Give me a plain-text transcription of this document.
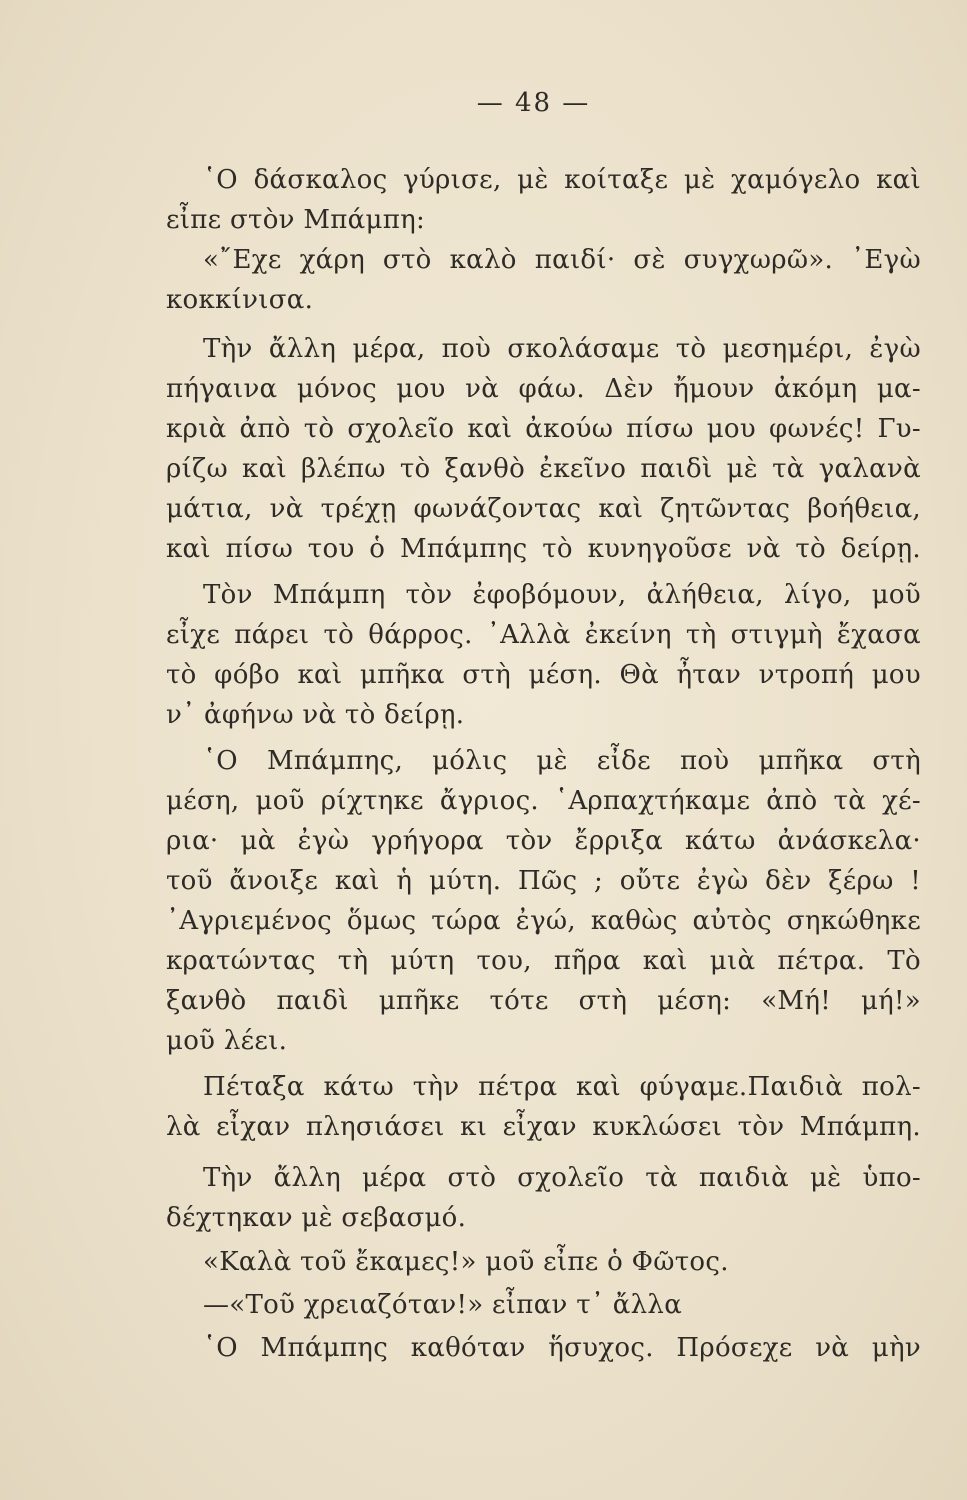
— 48 —
῾Ο δάσκαλος γύρισε, μὲ κοίταξε μὲ χαμόγελο καὶ
εἶπε στὸν Μπάμπη:
«῎Εχε χάρη στὸ καλὸ παιδί· σὲ συγχωρῶ». ᾿Εγὼ
κοκκίνισα.
Τὴν ἄλλη μέρα, ποὺ σκολάσαμε τὸ μεσημέρι, ἐγὼ
πήγαινα μόνος μου νὰ φάω. Δὲν ἤμουν ἀκόμη μα-
κριὰ ἀπὸ τὸ σχολεῖο καὶ ἀκούω πίσω μου φωνές! Γυ-
ρίζω καὶ βλέπω τὸ ξανθὸ ἐκεῖνο παιδὶ μὲ τὰ γαλανὰ
μάτια, νὰ τρέχῃ φωνάζοντας καὶ ζητῶντας βοήθεια,
καὶ πίσω του ὁ Μπάμπης τὸ κυνηγοῦσε νὰ τὸ δείρῃ.
Τὸν Μπάμπη τὸν ἐφοβόμουν, ἀλήθεια, λίγο, μοῦ
εἶχε πάρει τὸ θάρρος. ᾿Αλλὰ ἐκείνη τὴ στιγμὴ ἔχασα
τὸ φόβο καὶ μπῆκα στὴ μέση. Θὰ ἦταν ντροπή μου
ν᾿ ἀφήνω νὰ τὸ δείρῃ.
῾Ο Μπάμπης, μόλις μὲ εἶδε ποὺ μπῆκα στὴ
μέση, μοῦ ρίχτηκε ἄγριος. ῾Αρπαχτήκαμε ἀπὸ τὰ χέ-
ρια· μὰ ἐγὼ γρήγορα τὸν ἔρριξα κάτω ἀνάσκελα·
τοῦ ἄνοιξε καὶ ἡ μύτη. Πῶς ; οὔτε ἐγὼ δὲν ξέρω !
᾿Αγριεμένος ὅμως τώρα ἐγώ, καθὼς αὐτὸς σηκώθηκε
κρατώντας τὴ μύτη του, πῆρα καὶ μιὰ πέτρα. Τὸ
ξανθὸ παιδὶ μπῆκε τότε στὴ μέση: «Μή! μή!»
μοῦ λέει.
Πέταξα κάτω τὴν πέτρα καὶ φύγαμε.Παιδιὰ πολ-
λὰ εἶχαν πλησιάσει κι εἶχαν κυκλώσει τὸν Μπάμπη.
Τὴν ἄλλη μέρα στὸ σχολεῖο τὰ παιδιὰ μὲ ὑπο-
δέχτηκαν μὲ σεβασμό.
«Καλὰ τοῦ ἔκαμες!» μοῦ εἶπε ὁ Φῶτος.
—«Τοῦ χρειαζόταν!» εἶπαν τ᾿ ἄλλα
῾Ο Μπάμπης καθόταν ἥσυχος. Πρόσεχε νὰ μὴν
